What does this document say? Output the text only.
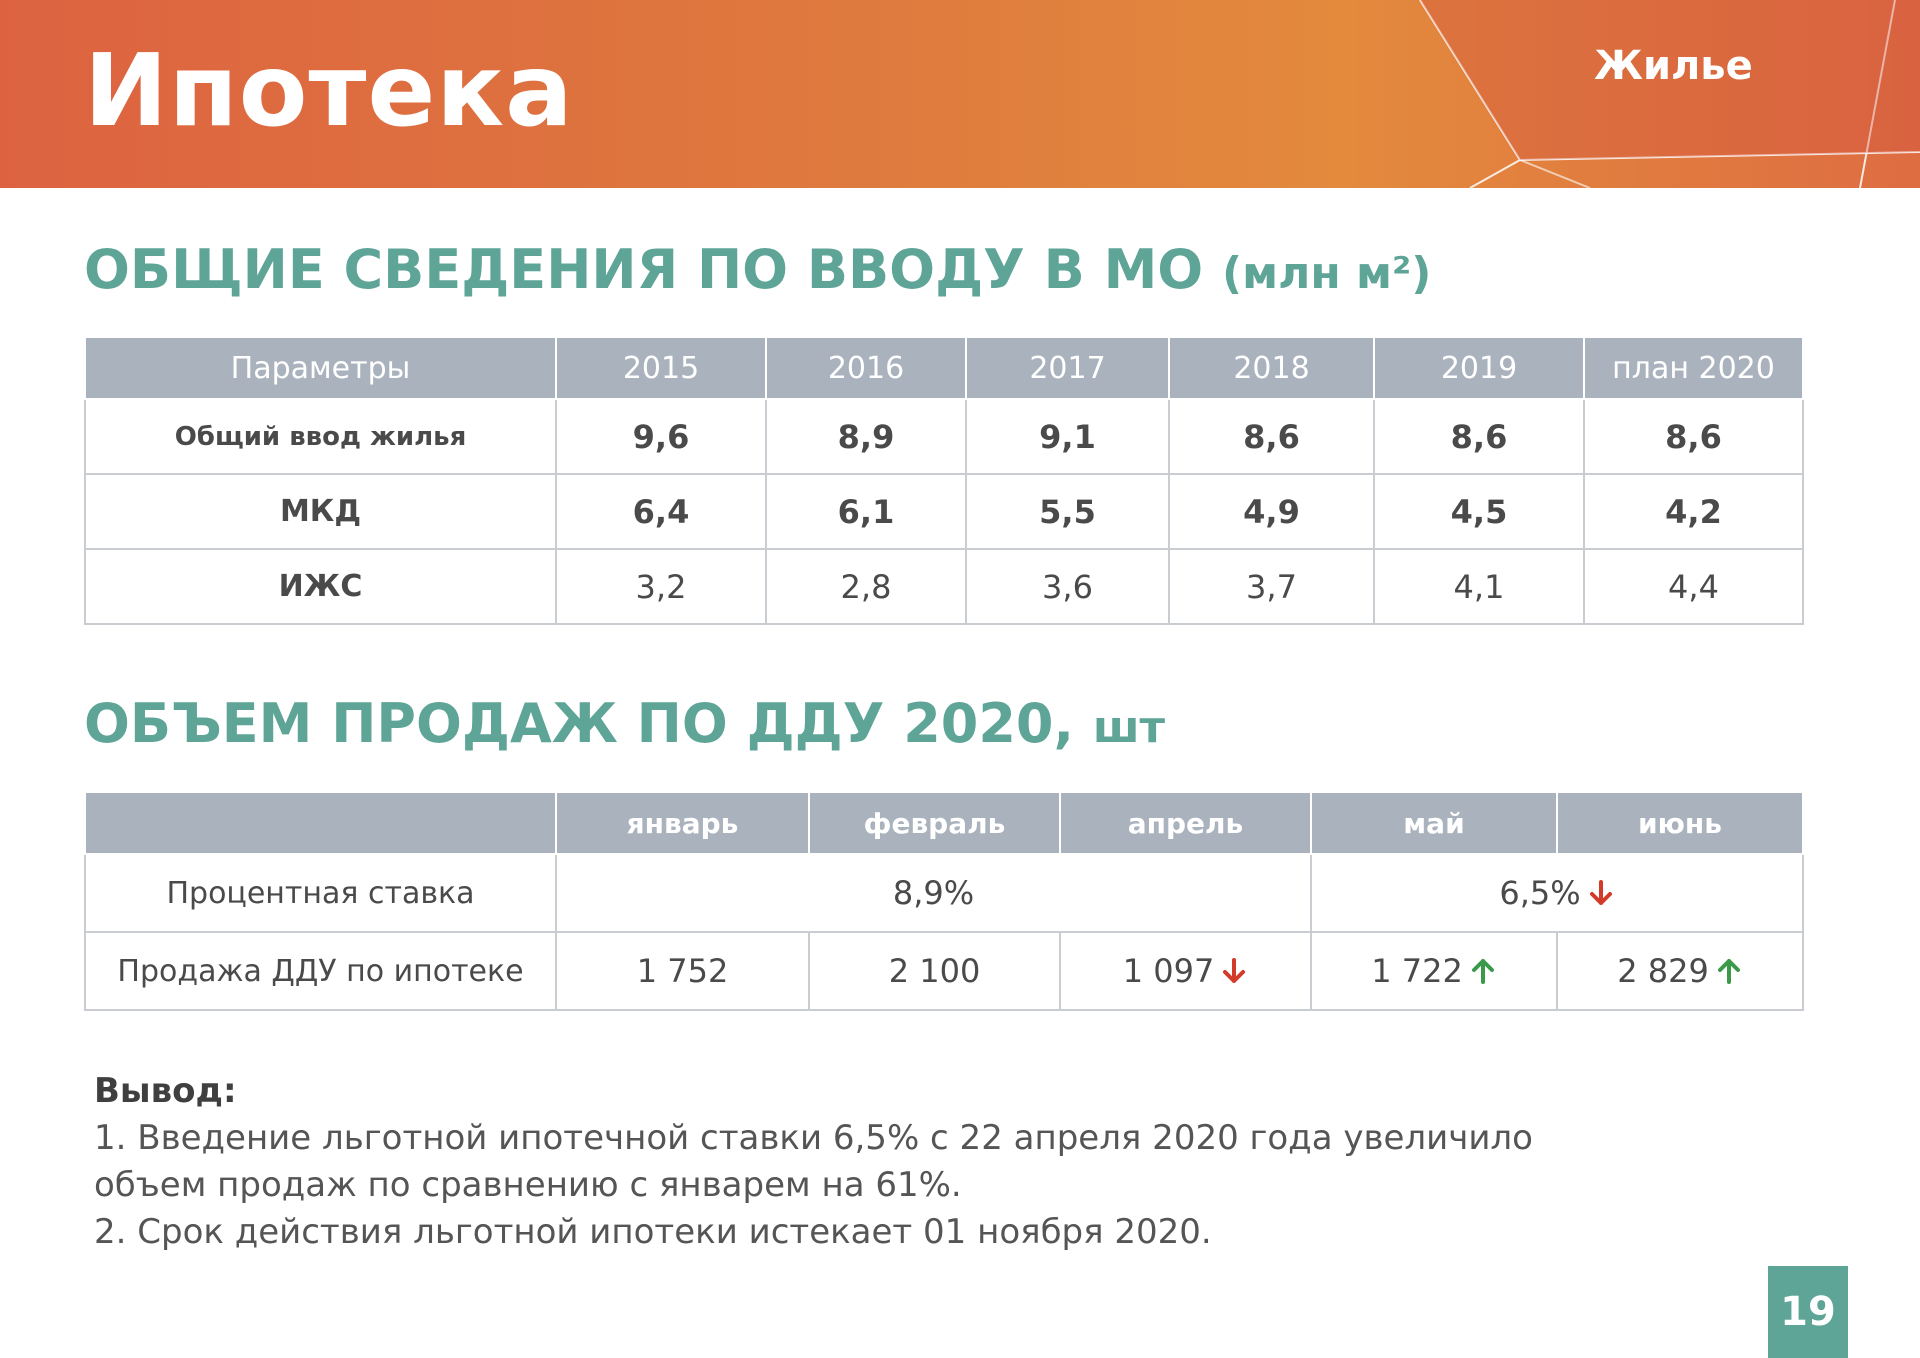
Ипотека	Жилье
ОБЩИЕ СВЕДЕНИЯ ПО ВВОДУ В МО (млн м²)
Параметры	2015	2016	2017	2018	2019	план 2020
Общий ввод жилья	9,6	8,9	9,1	8,6	8,6	8,6
МКД	6,4	6,1	5,5	4,9	4,5	4,2
ИЖС	3,2	2,8	3,6	3,7	4,1	4,4
ОБЪЕМ ПРОДАЖ ПО ДДУ 2020, шт
	январь	февраль	апрель	май	июнь
Процентная ставка	8,9%			6,5%	
Продажа ДДУ по ипотеке	1 752	2 100	1 097	1 722	2 829
Вывод:
1. Введение льготной ипотечной ставки 6,5% с 22 апреля 2020 года увеличило
объем продаж по сравнению с январем на 61%.
2. Срок действия льготной ипотеки истекает 01 ноября 2020.
19
